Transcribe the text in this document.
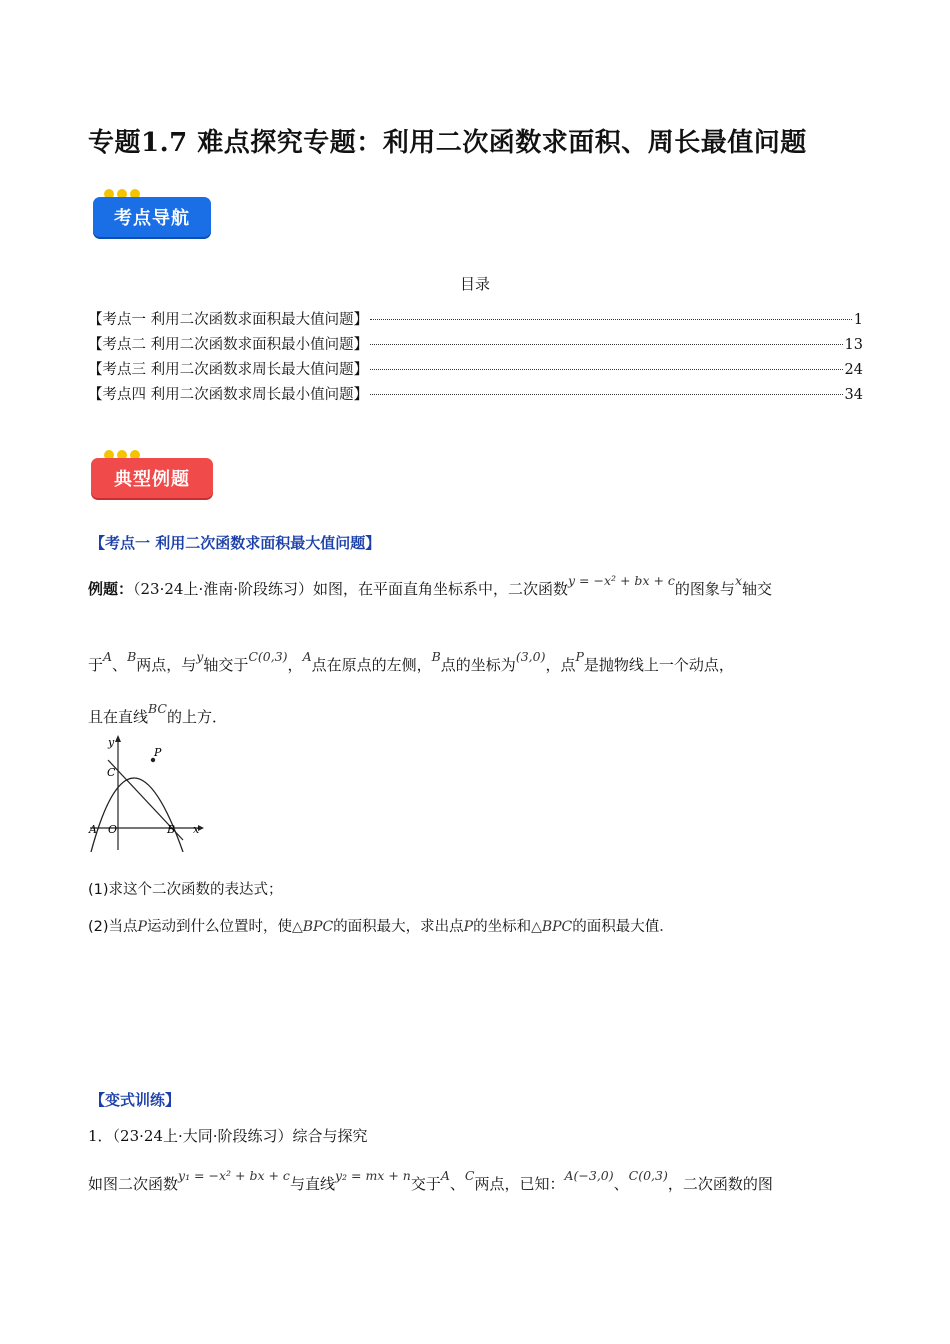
专题1.7 难点探究专题：利用二次函数求面积、周长最值问题
考点导航
目录
【考点一 利用二次函数求面积最大值问题】	1
【考点二 利用二次函数求面积最小值问题】	13
【考点三 利用二次函数求周长最大值问题】	24
【考点四 利用二次函数求周长最小值问题】	34
典型例题
【考点一 利用二次函数求面积最大值问题】
例题：（23·24上·淮南·阶段练习）如图，在平面直角坐标系中，二次函数$^{y = -x^2 + bx + c}$的图象与$^x$轴交
于$^A$、$^B$两点，与$^y$轴交于$^{C(0,3)}$，$^A$点在原点的左侧，$^B$点的坐标为$^{(3,0)}$，点$^P$是抛物线上一个动点，
且在直线$^{BC}$的上方．
y
P
C
A O	B x
(1)求这个二次函数的表达式；
(2)当点P运动到什么位置时，使△BPC的面积最大，求出点P的坐标和△BPC的面积最大值．
【变式训练】
1．（23·24上·大同·阶段练习）综合与探究
如图二次函数$^{y_1 = -x^2 + bx + c}$与直线$^{y_2 = mx + n}$交于$^A$、$^C$两点，已知：$^{A(-3,0)}$、$^{C(0,3)}$，二次函数的图
